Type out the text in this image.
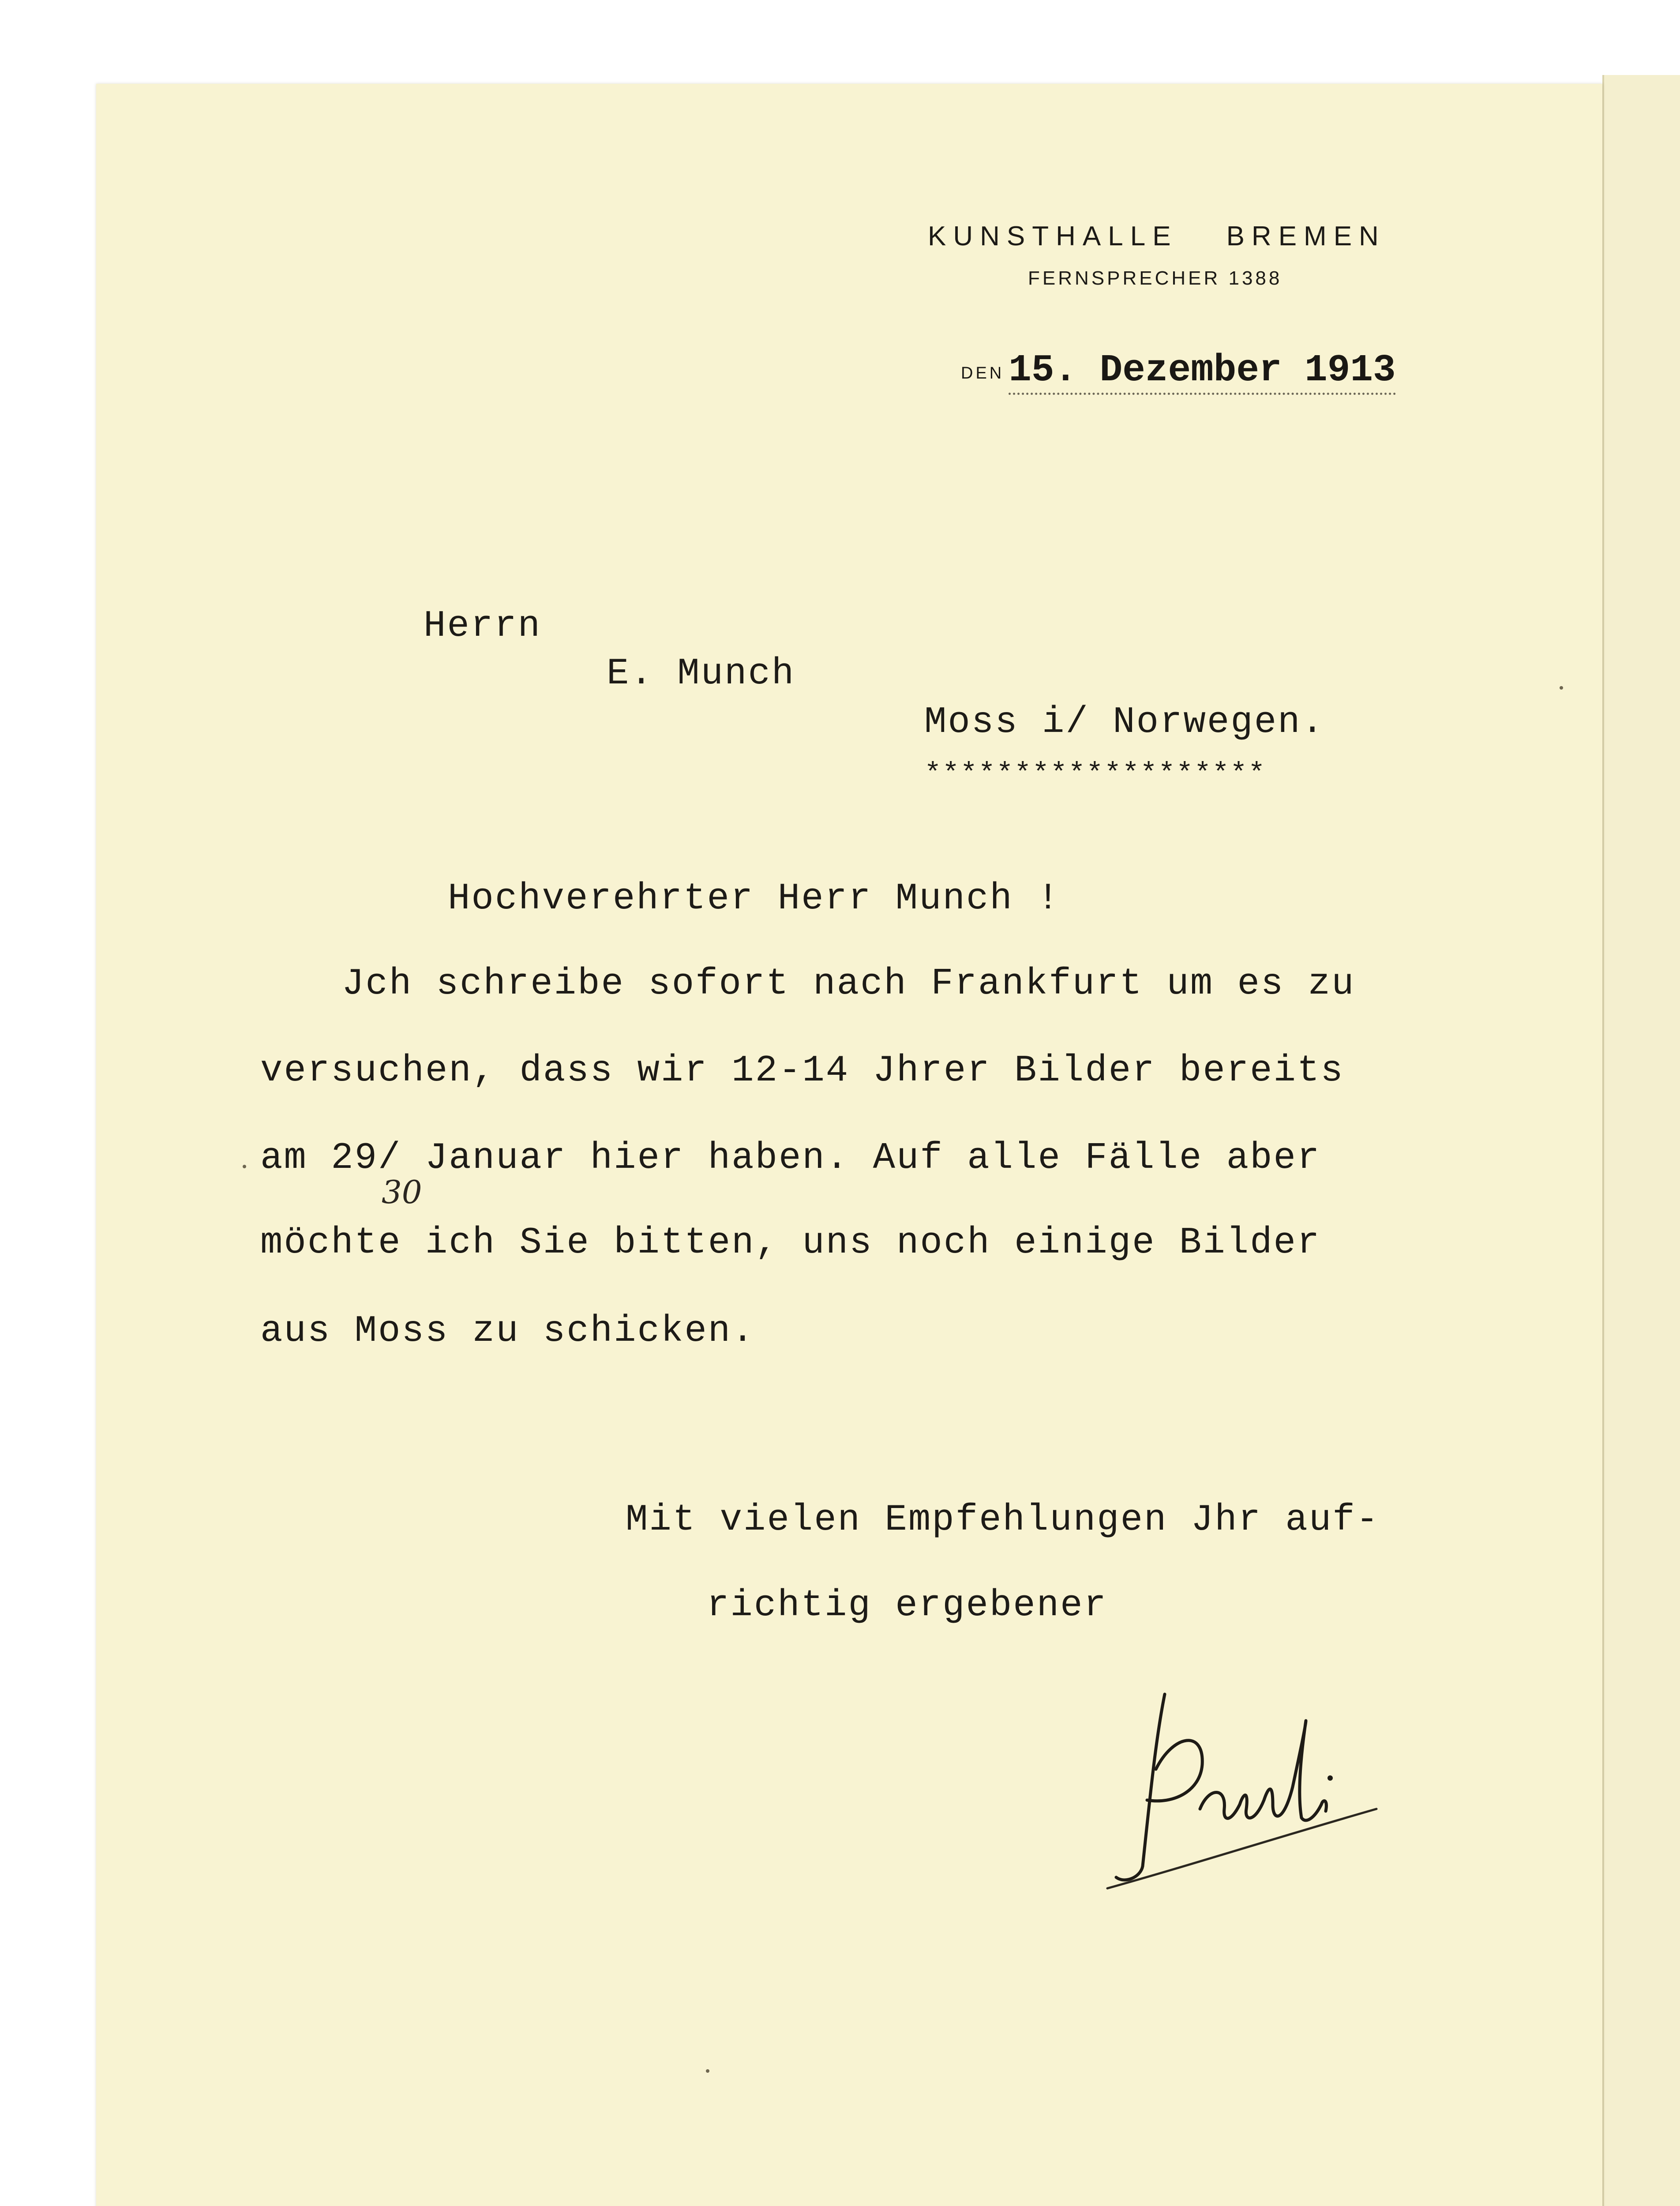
KUNSTHALLE BREMEN
FERNSPRECHER 1388
DEN 15. Dezember 1913
Herrn
E. Munch
Moss i/ Norwegen.
*******************
Hochverehrter Herr Munch !
Jch schreibe sofort nach Frankfurt um es zu
versuchen, dass wir 12-14 Jhrer Bilder bereits
am 29/ Januar hier haben. Auf alle Fälle aber
30
möchte ich Sie bitten, uns noch einige Bilder
aus Moss zu schicken.
Mit vielen Empfehlungen Jhr auf-
richtig ergebener
